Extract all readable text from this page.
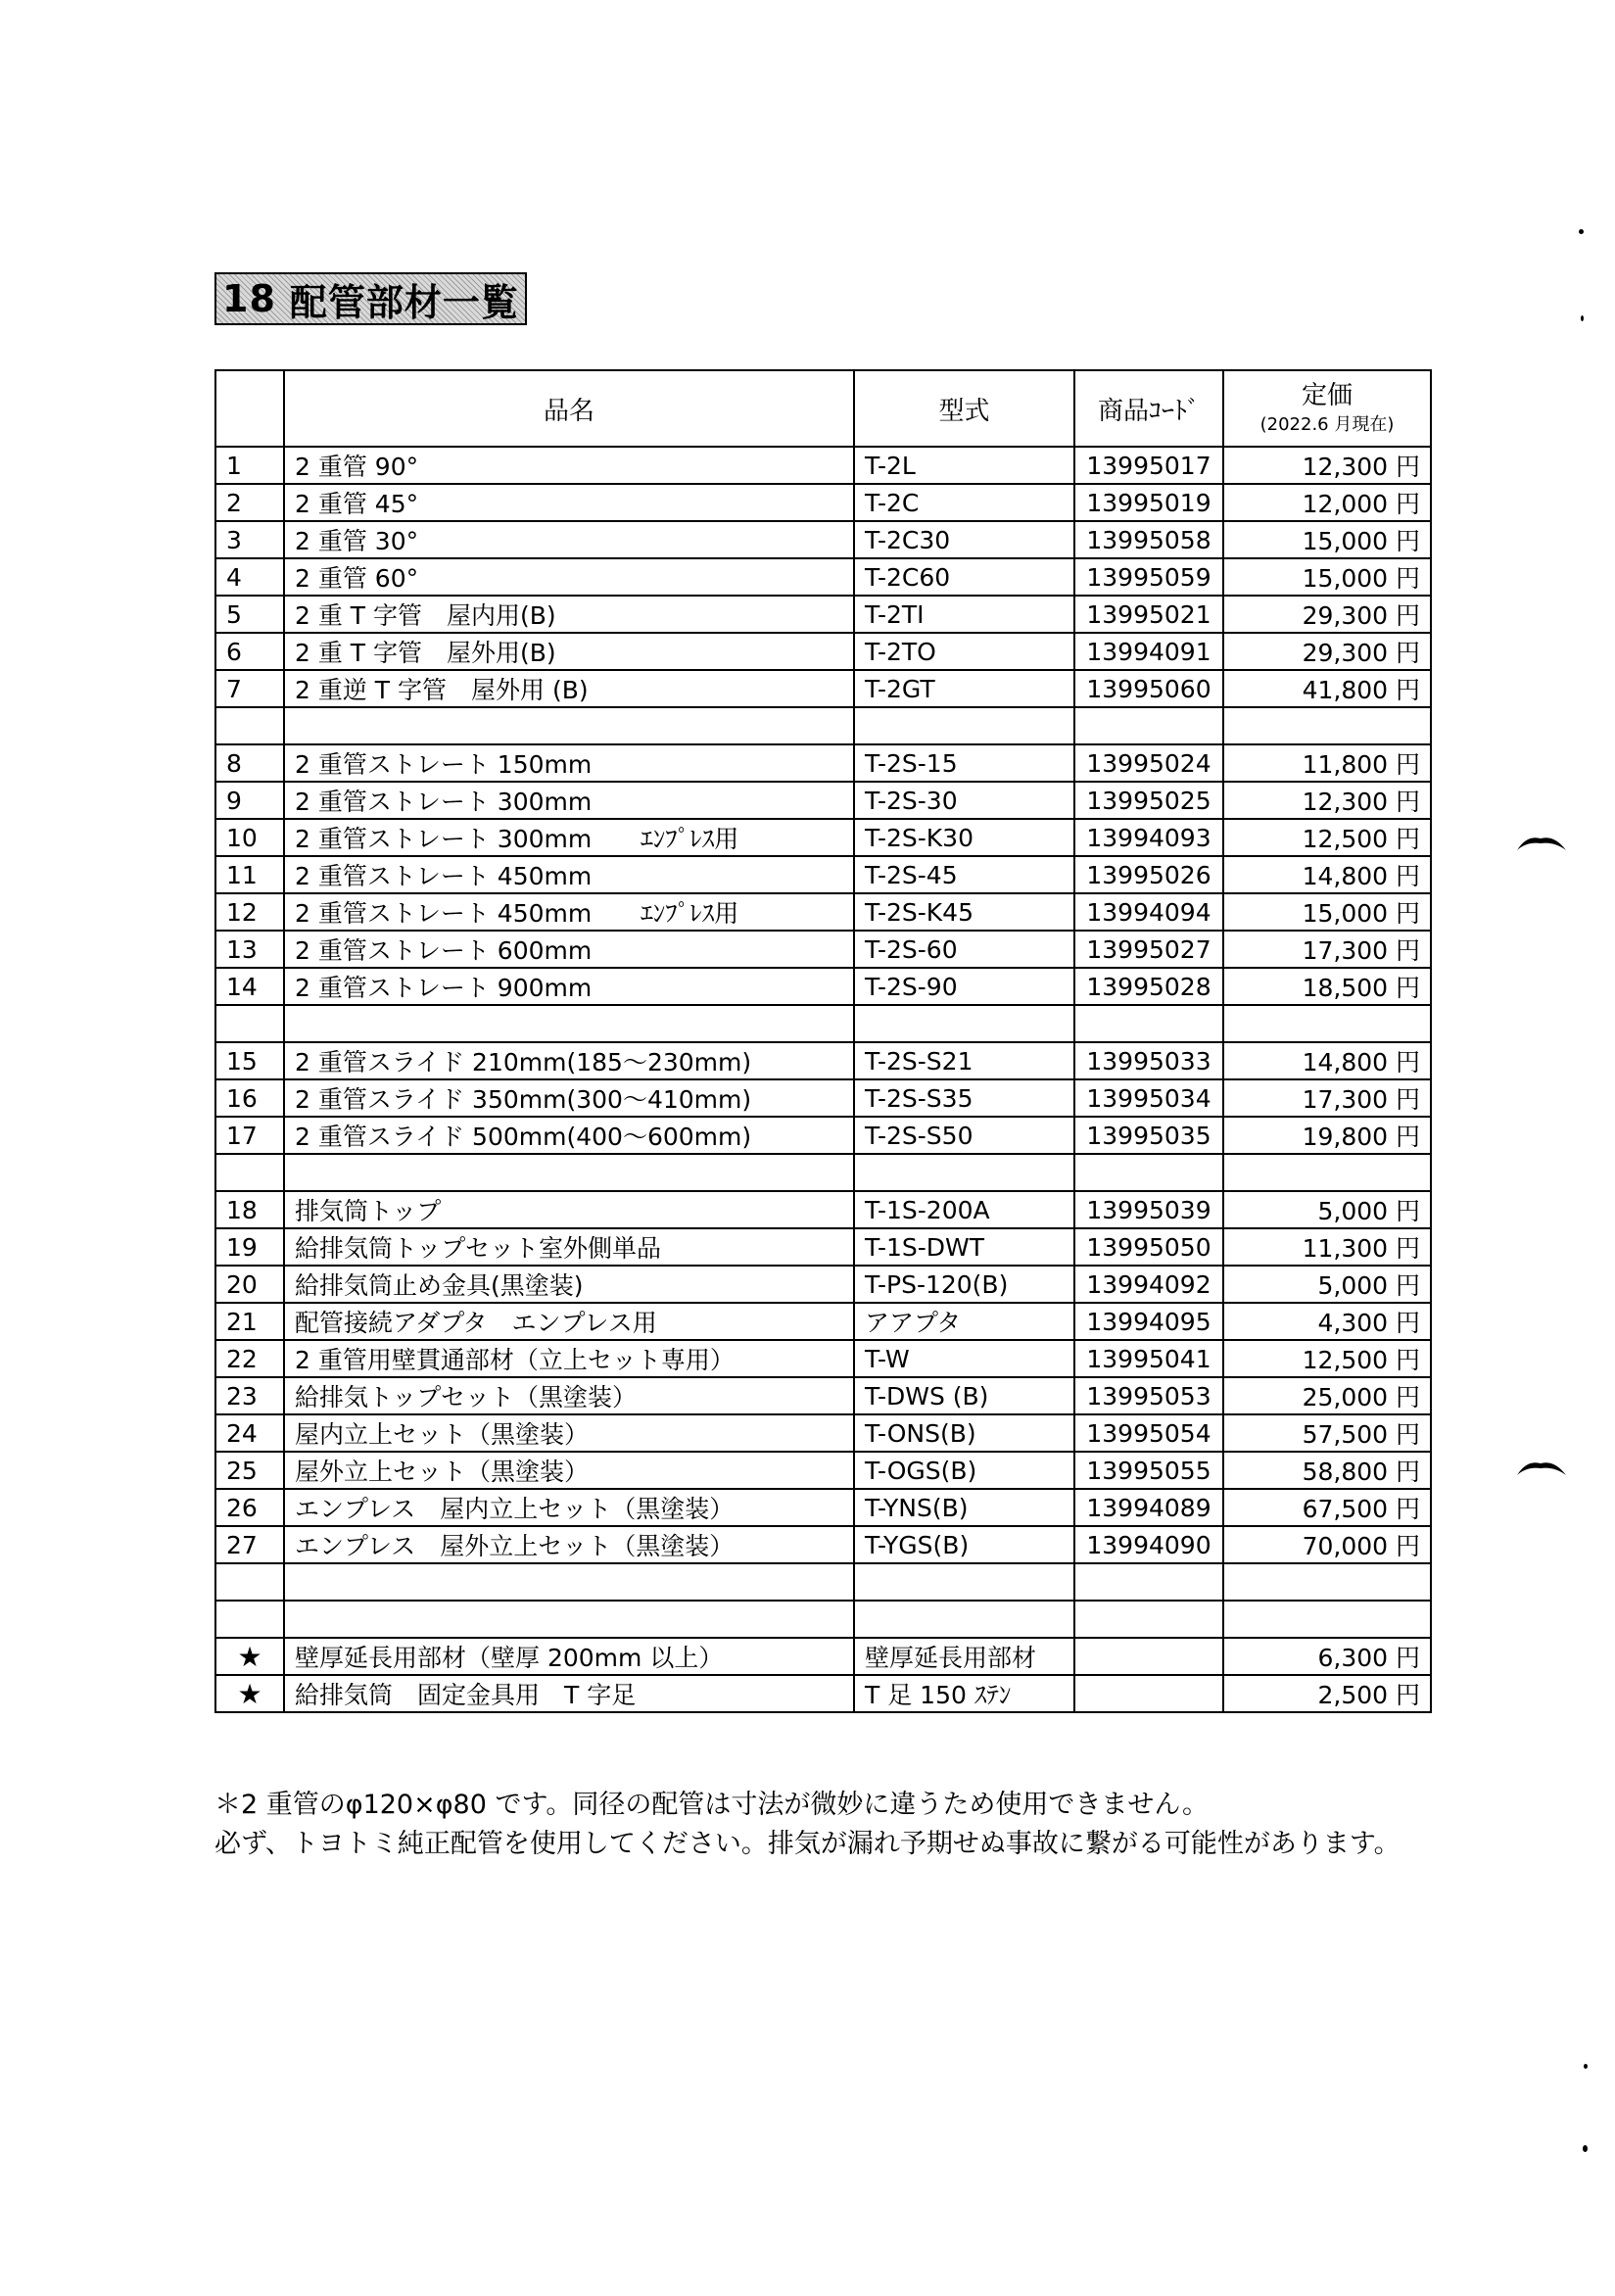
18 配管部材一覧
	品名	型式	商品ｺｰﾄﾞ	定価
(2022.6 月現在)

1	2 重管 90°	T-2L	13995017	12,300 円
2	2 重管 45°	T-2C	13995019	12,000 円
3	2 重管 30°	T-2C30	13995058	15,000 円
4	2 重管 60°	T-2C60	13995059	15,000 円
5	2 重 T 字管　屋内用(B)	T-2TI	13995021	29,300 円
6	2 重 T 字管　屋外用(B)	T-2TO	13994091	29,300 円
7	2 重逆 T 字管　屋外用 (B)	T-2GT	13995060	41,800 円

8	2 重管ストレート 150mm	T-2S-15	13995024	11,800 円
9	2 重管ストレート 300mm	T-2S-30	13995025	12,300 円
10	2 重管ストレート 300mm　　ｴﾝﾌﾟﾚｽ用	T-2S-K30	13994093	12,500 円
11	2 重管ストレート 450mm	T-2S-45	13995026	14,800 円
12	2 重管ストレート 450mm　　ｴﾝﾌﾟﾚｽ用	T-2S-K45	13994094	15,000 円
13	2 重管ストレート 600mm	T-2S-60	13995027	17,300 円
14	2 重管ストレート 900mm	T-2S-90	13995028	18,500 円

15	2 重管スライド 210mm(185～230mm)	T-2S-S21	13995033	14,800 円
16	2 重管スライド 350mm(300～410mm)	T-2S-S35	13995034	17,300 円
17	2 重管スライド 500mm(400～600mm)	T-2S-S50	13995035	19,800 円

18	排気筒トップ	T-1S-200A	13995039	5,000 円
19	給排気筒トップセット室外側単品	T-1S-DWT	13995050	11,300 円
20	給排気筒止め金具(黒塗装)	T-PS-120(B)	13994092	5,000 円
21	配管接続アダプタ　エンプレス用	アアプタ	13994095	4,300 円
22	2 重管用壁貫通部材（立上セット専用）	T-W	13995041	12,500 円
23	給排気トップセット（黒塗装）	T-DWS (B)	13995053	25,000 円
24	屋内立上セット（黒塗装）	T-ONS(B)	13995054	57,500 円
25	屋外立上セット（黒塗装）	T-OGS(B)	13995055	58,800 円
26	エンプレス　屋内立上セット（黒塗装）	T-YNS(B)	13994089	67,500 円
27	エンプレス　屋外立上セット（黒塗装）	T-YGS(B)	13994090	70,000 円

★	壁厚延長用部材（壁厚 200mm 以上）	壁厚延長用部材		6,300 円
★	給排気筒　固定金具用　T 字足	T 足 150 ｽﾃﾝ		2,500 円
＊2 重管のφ120×φ80 です。同径の配管は寸法が微妙に違うため使用できません。
必ず、トヨトミ純正配管を使用してください。排気が漏れ予期せぬ事故に繋がる可能性があります。
